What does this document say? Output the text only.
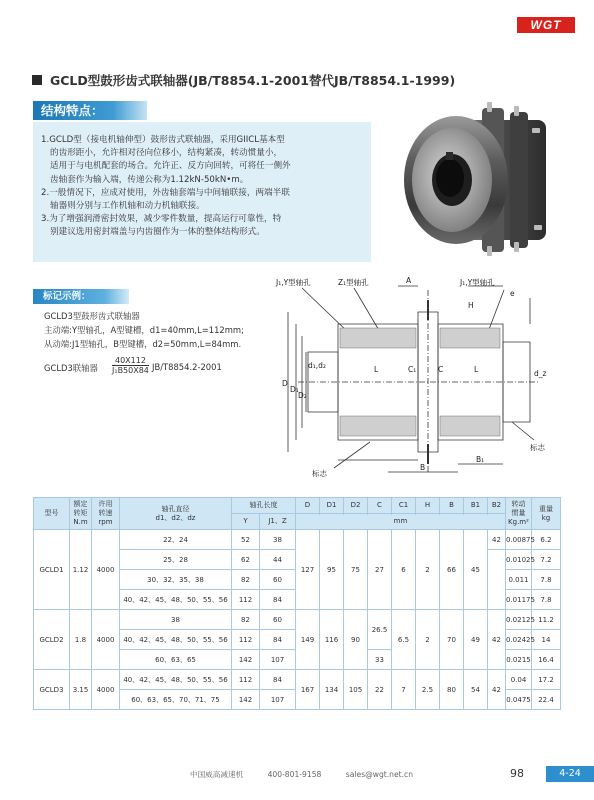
WGT
GCLD型鼓形齿式联轴器(JB/T8854.1-2001替代JB/T8854.1-1999)
结构特点：
1.GCLD型（接电机轴伸型）鼓形齿式联轴器，采用GIICL基本型
的齿形距小，允许相对径向位移小，结构紧凑，转动惯量小，
适用于与电机配套的场合。允许正、反方向回转，可将任一侧外
齿轴套作为输入端，传递公称为1.12kN-50kN•m。
2.一般情况下，应成对使用，外齿轴套端与中间轴联接，两端半联
轴器则分别与工作机轴和动力机轴联接。
3.为了增强润滑密封效果，减少零件数量，提高运行可靠性，特
别建议选用密封端盖与内齿圈作为一体的整体结构形式。
标记示例：
GCLD3型鼓形齿式联轴器
主动端:Y型轴孔，A型键槽，d1=40mm,L=112mm;
从动端:J1型轴孔，B型键槽，d2=50mm,L=84mm.
GCLD3联轴器 $\frac{40X112}{\text{J₁B50X84}} JB/T8854.2-2001$
J₁,Y型轴孔	Z₁型轴孔	A	J₁,Y型轴孔
e
H
D
D₁
D₂
d₁,d₂
d_z
L	L
C₁	C
B
B₁
标志
标志
型号	额定
转矩
N.m	许用
转速
rpm	轴孔直径
d1、d2、dz	轴孔长度		D	D1	D2	C	C1	H	B	B1	B2	转动
惯量
Kg.m²	重量
kg
				Y	J1、Z											
						mm										
GCLD1	1.12	4000	22、24	52	38	127	95	75	27	6	2	66	45	42	0.00875	6.2
			25、28	62	44										0.01025	7.2
			30、32、35、38	82	60										0.011	7.8
			40、42、45、48、50、55、56	112	84										0.01175	7.8
GCLD2	1.8	4000	38	82	60	149	116	90	26.5	6.5	2	70	49	42	0.02125	11.2
			40、42、45、48、50、55、56	112	84										0.02425	14
			60、63、65	142	107				33						0.0215	16.4
GCLD3	3.15	4000	40、42、45、48、50、55、56	112	84	167	134	105	22	7	2.5	80	54	42	0.04	17.2
			60、63、65、70、71、75	142	107										0.0475	22.4
中国威高减速机	400-801-9158	sales@wgt.net.cn	98	4-24
